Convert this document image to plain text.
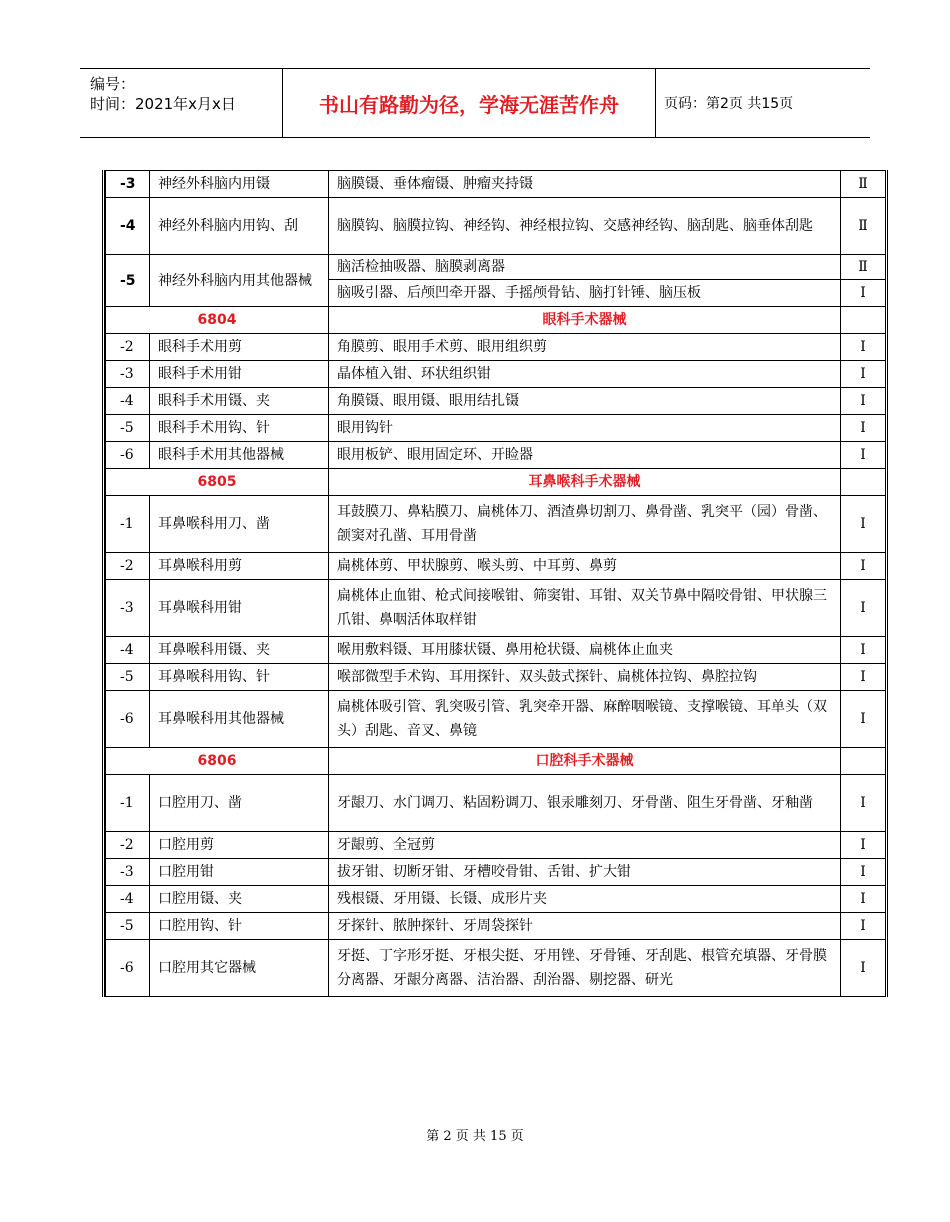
编号：
时间：2021年x月x日	书山有路勤为径，学海无涯苦作舟	页码：第2页 共15页
-3	神经外科脑内用镊	脑膜镊、垂体瘤镊、肿瘤夹持镊	Ⅱ
-4	神经外科脑内用钩、刮	脑膜钩、脑膜拉钩、神经钩、神经根拉钩、交感神经钩、脑刮匙、脑垂体刮匙	Ⅱ
-5	神经外科脑内用其他器械	脑活检抽吸器、脑膜剥离器	Ⅱ
		脑吸引器、后颅凹牵开器、手摇颅骨钻、脑打针锤、脑压板	Ⅰ
6804		眼科手术器械	
-2	眼科手术用剪	角膜剪、眼用手术剪、眼用组织剪	Ⅰ
-3	眼科手术用钳	晶体植入钳、环状组织钳	Ⅰ
-4	眼科手术用镊、夹	角膜镊、眼用镊、眼用结扎镊	Ⅰ
-5	眼科手术用钩、针	眼用钩针	Ⅰ
-6	眼科手术用其他器械	眼用板铲、眼用固定环、开睑器	Ⅰ
6805		耳鼻喉科手术器械	
-1	耳鼻喉科用刀、凿	耳鼓膜刀、鼻粘膜刀、扁桃体刀、酒渣鼻切割刀、鼻骨凿、乳突平（园）骨凿、颌窦对孔凿、耳用骨凿	Ⅰ
-2	耳鼻喉科用剪	扁桃体剪、甲状腺剪、喉头剪、中耳剪、鼻剪	Ⅰ
-3	耳鼻喉科用钳	扁桃体止血钳、枪式间接喉钳、筛窦钳、耳钳、双关节鼻中隔咬骨钳、甲状腺三爪钳、鼻咽活体取样钳	Ⅰ
-4	耳鼻喉科用镊、夹	喉用敷料镊、耳用膝状镊、鼻用枪状镊、扁桃体止血夹	Ⅰ
-5	耳鼻喉科用钩、针	喉部微型手术钩、耳用探针、双头鼓式探针、扁桃体拉钩、鼻腔拉钩	Ⅰ
-6	耳鼻喉科用其他器械	扁桃体吸引管、乳突吸引管、乳突牵开器、麻醉咽喉镜、支撑喉镜、耳单头（双头）刮匙、音叉、鼻镜	Ⅰ
6806		口腔科手术器械	
-1	口腔用刀、凿	牙龈刀、水门调刀、粘固粉调刀、银汞雕刻刀、牙骨凿、阻生牙骨凿、牙釉凿	Ⅰ
-2	口腔用剪	牙龈剪、全冠剪	Ⅰ
-3	口腔用钳	拔牙钳、切断牙钳、牙槽咬骨钳、舌钳、扩大钳	Ⅰ
-4	口腔用镊、夹	残根镊、牙用镊、长镊、成形片夹	Ⅰ
-5	口腔用钩、针	牙探针、脓肿探针、牙周袋探针	Ⅰ
-6	口腔用其它器械	牙挺、丁字形牙挺、牙根尖挺、牙用锉、牙骨锤、牙刮匙、根管充填器、牙骨膜分离器、牙龈分离器、洁治器、刮治器、剔挖器、研光	Ⅰ
第 2 页 共 15 页
